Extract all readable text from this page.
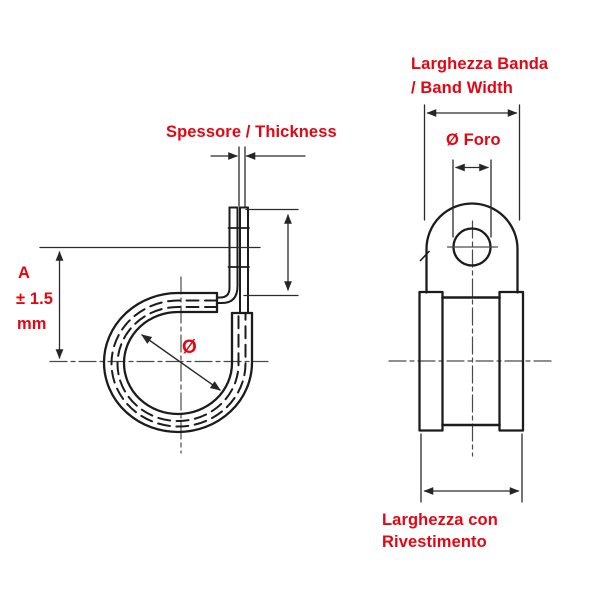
Spessore / Thickness
Larghezza Banda
/ Band Width
Ø Foro
A
± 1.5
mm
Ø
Larghezza con
Rivestimento
